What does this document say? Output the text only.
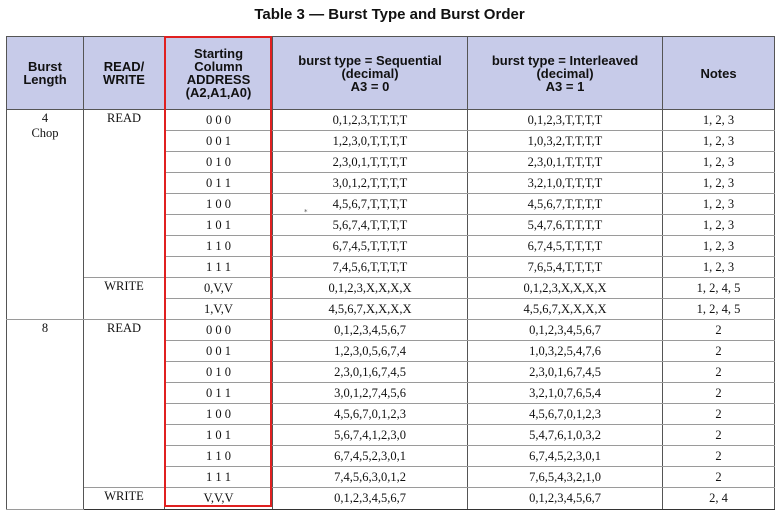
Table 3 — Burst Type and Burst Order
Burst
Length	READ/
WRITE	Starting
Column
ADDRESS
(A2,A1,A0)	burst type = Sequential
(decimal)
A3 = 0	burst type = Interleaved
(decimal)
A3 = 1	Notes
4
Chop	READ	0 0 0	0,1,2,3,T,T,T,T	0,1,2,3,T,T,T,T	1, 2, 3
		0 0 1	1,2,3,0,T,T,T,T	1,0,3,2,T,T,T,T	1, 2, 3
		0 1 0	2,3,0,1,T,T,T,T	2,3,0,1,T,T,T,T	1, 2, 3
		0 1 1	3,0,1,2,T,T,T,T	3,2,1,0,T,T,T,T	1, 2, 3
		1 0 0	4,5,6,7,T,T,T,T	4,5,6,7,T,T,T,T	1, 2, 3
		1 0 1	5,6,7,4,T,T,T,T	5,4,7,6,T,T,T,T	1, 2, 3
		1 1 0	6,7,4,5,T,T,T,T	6,7,4,5,T,T,T,T	1, 2, 3
		1 1 1	7,4,5,6,T,T,T,T	7,6,5,4,T,T,T,T	1, 2, 3
	WRITE	0,V,V	0,1,2,3,X,X,X,X	0,1,2,3,X,X,X,X	1, 2, 4, 5
		1,V,V	4,5,6,7,X,X,X,X	4,5,6,7,X,X,X,X	1, 2, 4, 5
8	READ	0 0 0	0,1,2,3,4,5,6,7	0,1,2,3,4,5,6,7	2
		0 0 1	1,2,3,0,5,6,7,4	1,0,3,2,5,4,7,6	2
		0 1 0	2,3,0,1,6,7,4,5	2,3,0,1,6,7,4,5	2
		0 1 1	3,0,1,2,7,4,5,6	3,2,1,0,7,6,5,4	2
		1 0 0	4,5,6,7,0,1,2,3	4,5,6,7,0,1,2,3	2
		1 0 1	5,6,7,4,1,2,3,0	5,4,7,6,1,0,3,2	2
		1 1 0	6,7,4,5,2,3,0,1	6,7,4,5,2,3,0,1	2
		1 1 1	7,4,5,6,3,0,1,2	7,6,5,4,3,2,1,0	2
	WRITE	V,V,V	0,1,2,3,4,5,6,7	0,1,2,3,4,5,6,7	2, 4
*
